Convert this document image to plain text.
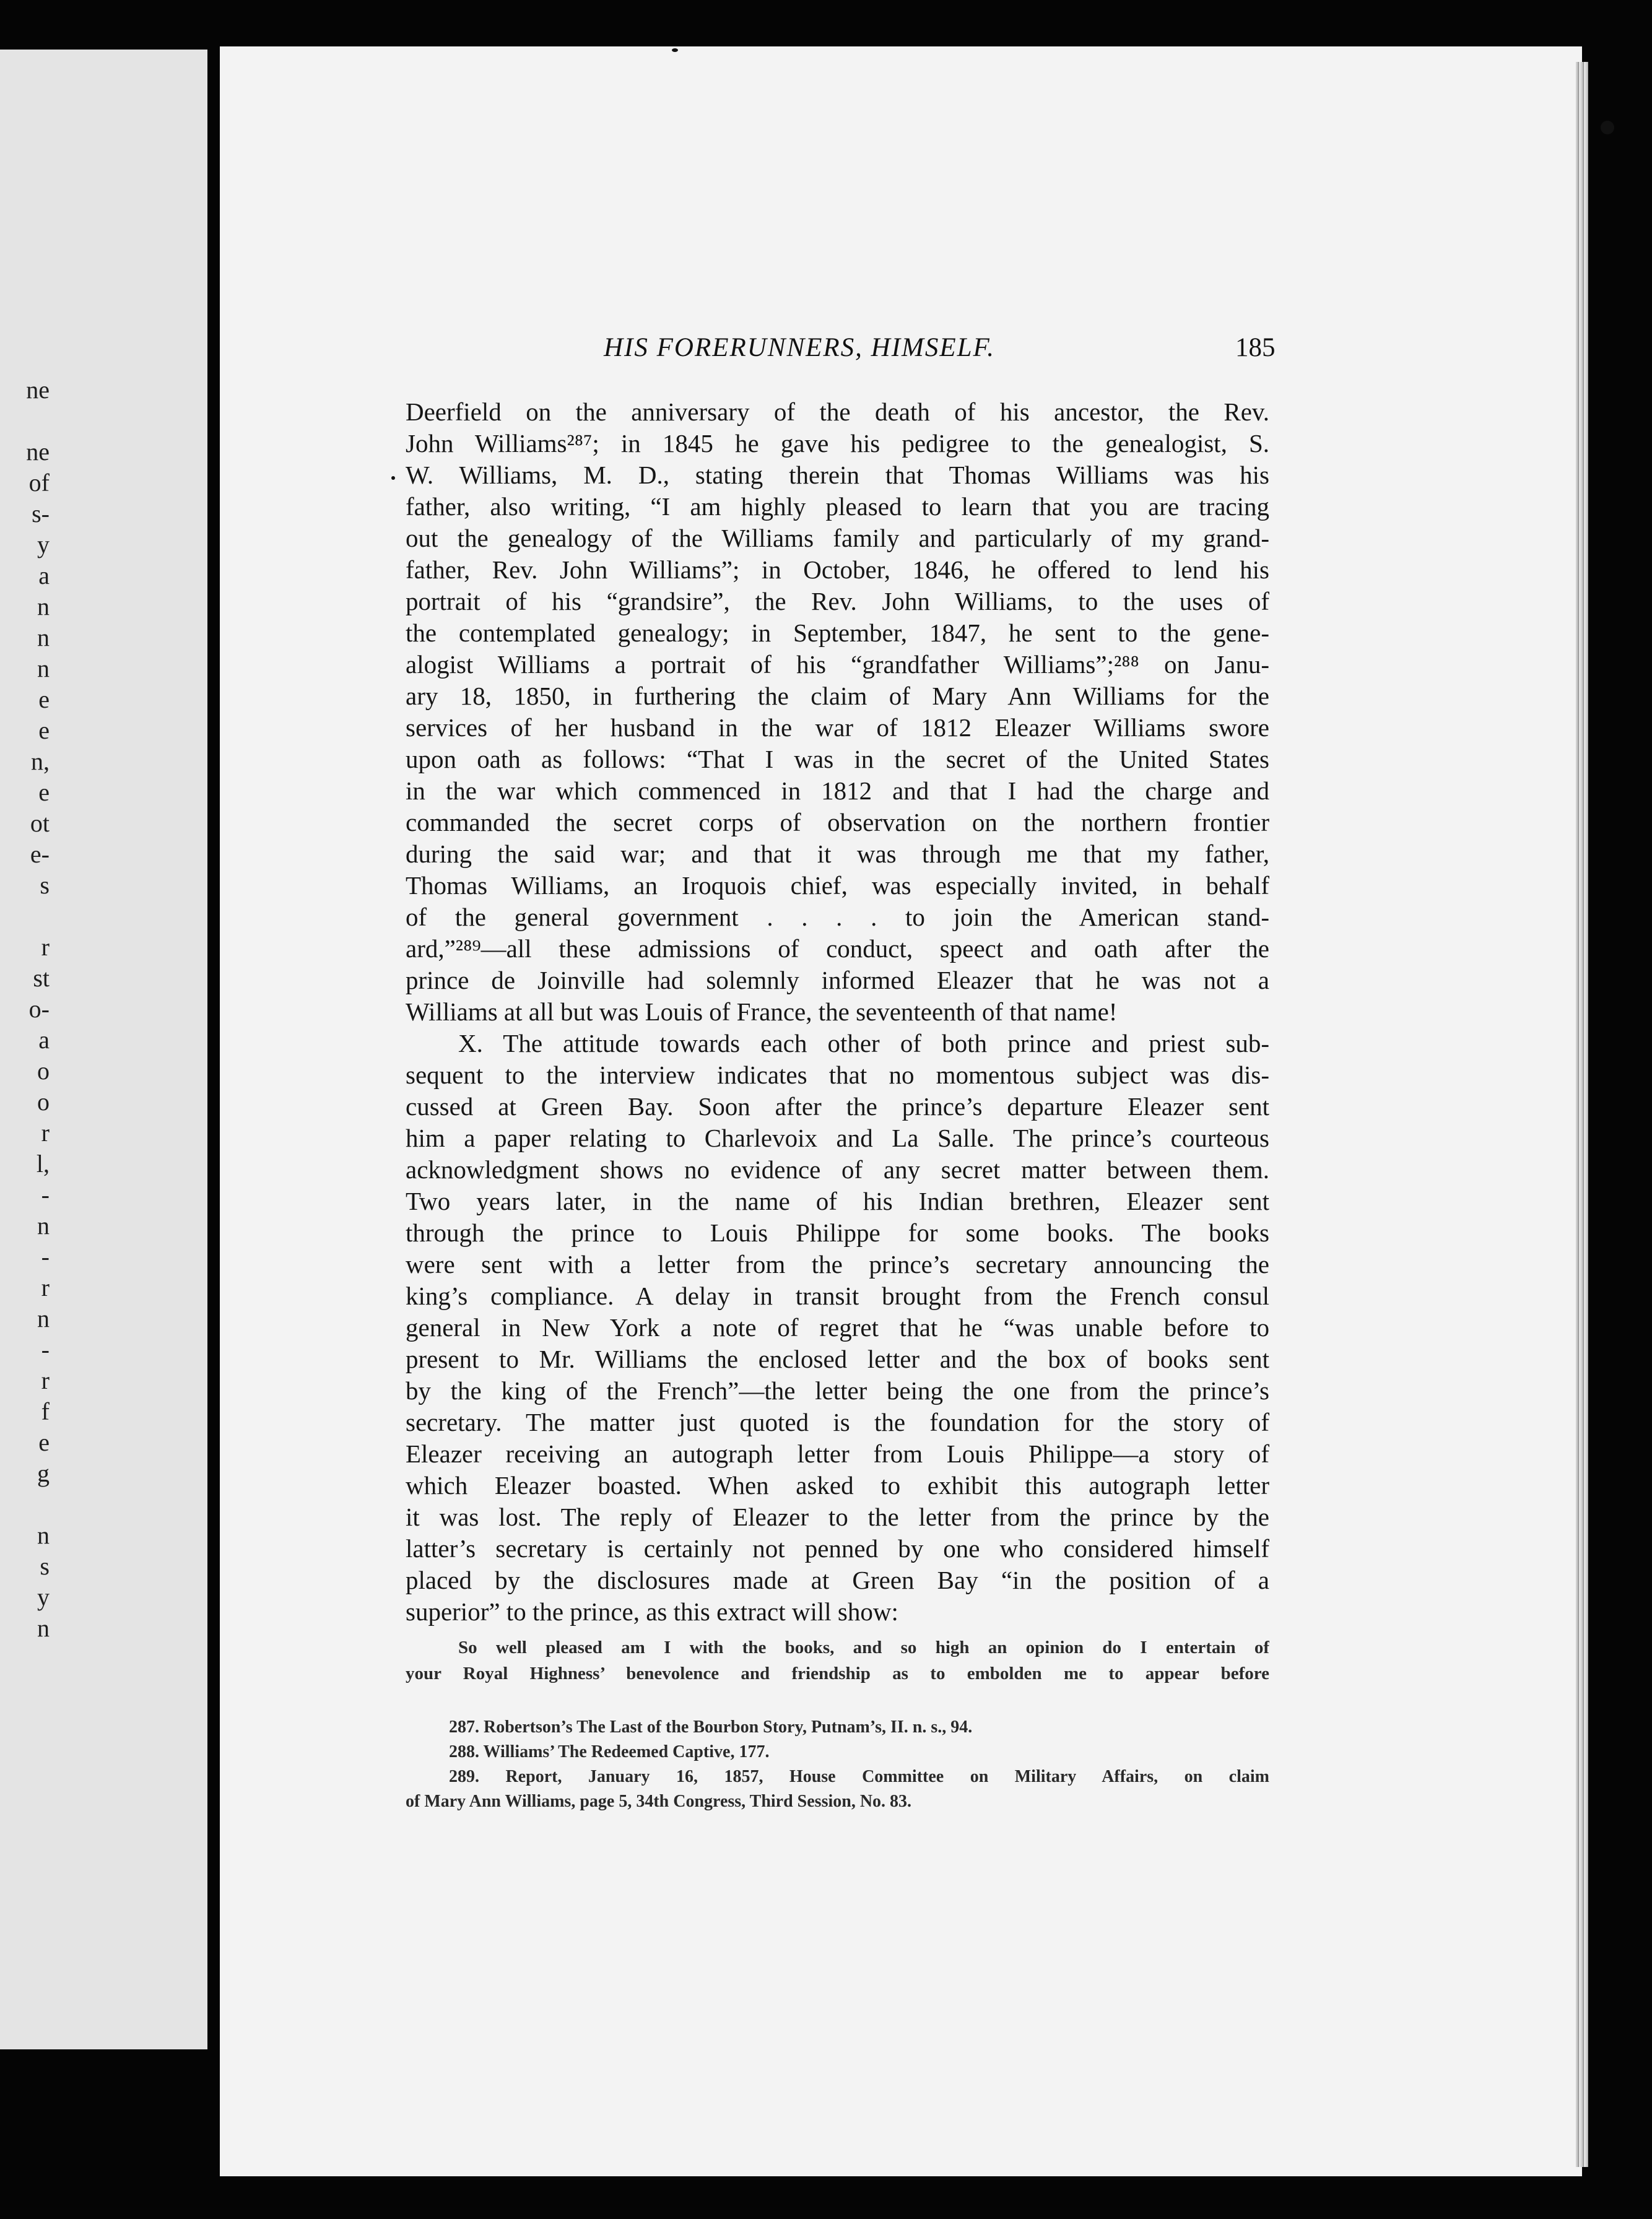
ne
ne
of
s-
y
a
n
n
n
e
e
n,
e
ot
e-
s
r
st
o-
a
o
o
r
l,
-
n
-
r
n
-
r
f
e
g
n
s
y
n
HIS FORERUNNERS, HIMSELF.	185
Deerfield on the anniversary of the death of his ancestor, the Rev.
John Williams²⁸⁷; in 1845 he gave his pedigree to the genealogist, S.
W. Williams, M. D., stating therein that Thomas Williams was his
father, also writing, “I am highly pleased to learn that you are tracing
out the genealogy of the Williams family and particularly of my grand-
father, Rev. John Williams”; in October, 1846, he offered to lend his
portrait of his “grandsire”, the Rev. John Williams, to the uses of
the contemplated genealogy; in September, 1847, he sent to the gene-
alogist Williams a portrait of his “grandfather Williams”;²⁸⁸ on Janu-
ary 18, 1850, in furthering the claim of Mary Ann Williams for the
services of her husband in the war of 1812 Eleazer Williams swore
upon oath as follows: “That I was in the secret of the United States
in the war which commenced in 1812 and that I had the charge and
commanded the secret corps of observation on the northern frontier
during the said war; and that it was through me that my father,
Thomas Williams, an Iroquois chief, was especially invited, in behalf
of the general government . . . . to join the American stand-
ard,”²⁸⁹—all these admissions of conduct, speect and oath after the
prince de Joinville had solemnly informed Eleazer that he was not a
Williams at all but was Louis of France, the seventeenth of that name!
X. The attitude towards each other of both prince and priest sub-
sequent to the interview indicates that no momentous subject was dis-
cussed at Green Bay. Soon after the prince’s departure Eleazer sent
him a paper relating to Charlevoix and La Salle. The prince’s courteous
acknowledgment shows no evidence of any secret matter between them.
Two years later, in the name of his Indian brethren, Eleazer sent
through the prince to Louis Philippe for some books. The books
were sent with a letter from the prince’s secretary announcing the
king’s compliance. A delay in transit brought from the French consul
general in New York a note of regret that he “was unable before to
present to Mr. Williams the enclosed letter and the box of books sent
by the king of the French”—the letter being the one from the prince’s
secretary. The matter just quoted is the foundation for the story of
Eleazer receiving an autograph letter from Louis Philippe—a story of
which Eleazer boasted. When asked to exhibit this autograph letter
it was lost. The reply of Eleazer to the letter from the prince by the
latter’s secretary is certainly not penned by one who considered himself
placed by the disclosures made at Green Bay “in the position of a
superior” to the prince, as this extract will show:
So well pleased am I with the books, and so high an opinion do I entertain of
your Royal Highness’ benevolence and friendship as to embolden me to appear before
287. Robertson’s The Last of the Bourbon Story, Putnam’s, II. n. s., 94.
288. Williams’ The Redeemed Captive, 177.
289. Report, January 16, 1857, House Committee on Military Affairs, on claim
of Mary Ann Williams, page 5, 34th Congress, Third Session, No. 83.
